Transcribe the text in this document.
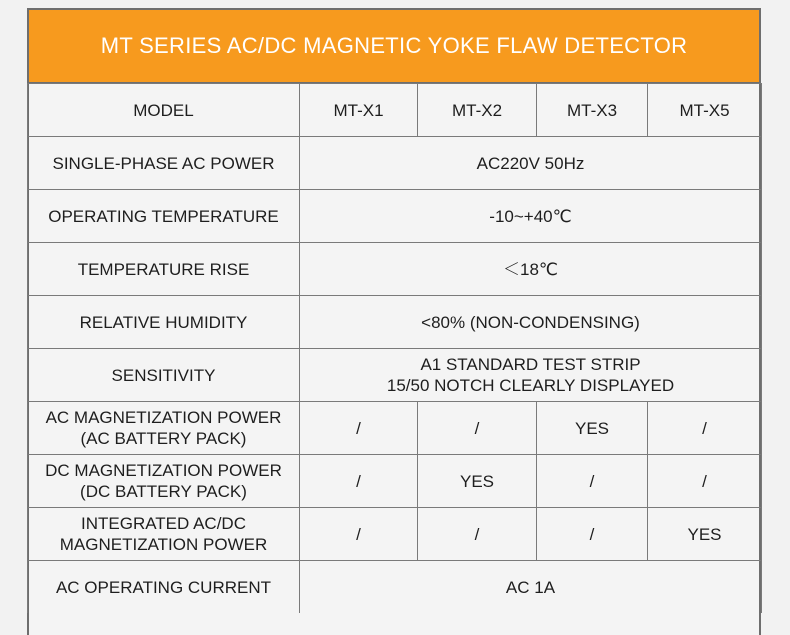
MT SERIES AC/DC MAGNETIC YOKE FLAW DETECTOR
MODEL	MT-X1	MT-X2	MT-X3	MT-X5
SINGLE-PHASE AC POWER	AC220V 50Hz			
OPERATING TEMPERATURE	-10~+40℃			
TEMPERATURE RISE	＜18℃			
RELATIVE HUMIDITY	<80% (NON-CONDENSING)			
SENSITIVITY	A1 STANDARD TEST STRIP
15/50 NOTCH CLEARLY DISPLAYED			

AC MAGNETIZATION POWER
(AC BATTERY PACK)	/	/	YES	/

DC MAGNETIZATION POWER
(DC BATTERY PACK)	/	YES	/	/

INTEGRATED AC/DC
MAGNETIZATION POWER	/	/	/	YES
AC OPERATING CURRENT	AC 1A			
